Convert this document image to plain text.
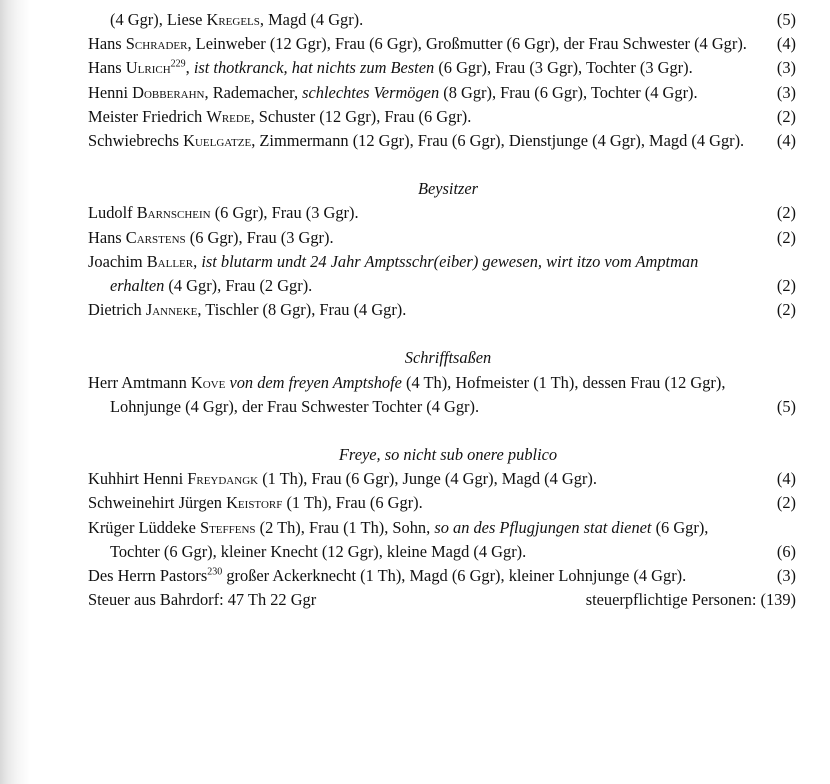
(4 Ggr), Liese Kregels, Magd (4 Ggr).	(5)
Hans Schrader, Leinweber (12 Ggr), Frau (6 Ggr), Großmutter (6 Ggr), der Frau Schwester (4 Ggr). (4)
Hans Ulrich$^{229}$, ist thotkranck, hat nichts zum Besten (6 Ggr), Frau (3 Ggr), Tochter (3 Ggr).	(3)
Henni Dobberahn, Rademacher, schlechtes Vermögen (8 Ggr), Frau (6 Ggr), Tochter (4 Ggr).	(3)
Meister Friedrich Wrede, Schuster (12 Ggr), Frau (6 Ggr).	(2)
Schwiebrechs Kuelgatze, Zimmermann (12 Ggr), Frau (6 Ggr), Dienstjunge (4 Ggr), Magd (4 Ggr). (4)
Beysitzer
Ludolf Barnschein (6 Ggr), Frau (3 Ggr).	(2)
Hans Carstens (6 Ggr), Frau (3 Ggr).	(2)
Joachim Baller, ist blutarm undt 24 Jahr Amptsschr(eiber) gewesen, wirt itzo vom Amptman erhalten (4 Ggr), Frau (2 Ggr).	(2)
Dietrich Janneke, Tischler (8 Ggr), Frau (4 Ggr).	(2)
Schrifftsaßen
Herr Amtmann Kove von dem freyen Amptshofe (4 Th), Hofmeister (1 Th), dessen Frau (12 Ggr), Lohnjunge (4 Ggr), der Frau Schwester Tochter (4 Ggr).	(5)
Freye, so nicht sub onere publico
Kuhhirt Henni Freydangk (1 Th), Frau (6 Ggr), Junge (4 Ggr), Magd (4 Ggr).	(4)
Schweinehirt Jürgen Keistorf (1 Th), Frau (6 Ggr).	(2)
Krüger Lüddeke Steffens (2 Th), Frau (1 Th), Sohn, so an des Pflugjungen stat dienet (6 Ggr), Tochter (6 Ggr), kleiner Knecht (12 Ggr), kleine Magd (4 Ggr).	(6)
Des Herrn Pastors$^{230}$ großer Ackerknecht (1 Th), Magd (6 Ggr), kleiner Lohnjunge (4 Ggr).	(3)
Steuer aus Bahrdorf: 47 Th 22 Ggr	steuerpflichtige Personen: (139)
